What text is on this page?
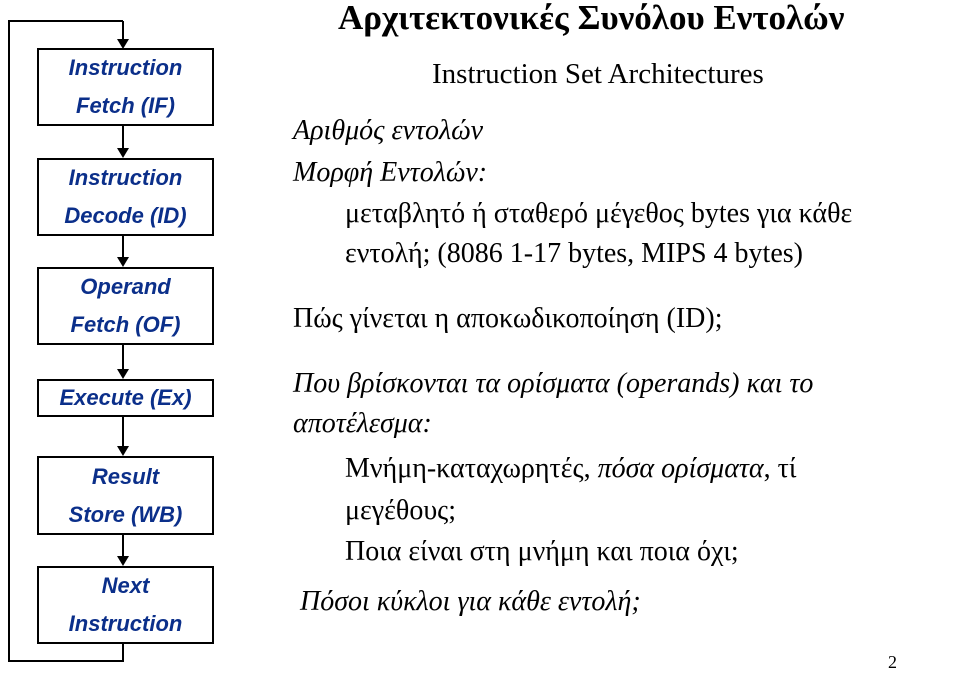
Αρχιτεκτονικές Συνόλου Εντολών
Instruction Set Architectures
Instruction
Fetch (IF)
Instruction
Decode (ID)
Operand
Fetch (OF)
Execute (Ex)
Result
Store (WB)
Next
Instruction
Αριθμός εντολών
Μορφή Εντολών:
μεταβλητό ή σταθερό μέγεθος bytes για κάθε
εντολή; (8086 1-17 bytes, MIPS 4 bytes)
Πώς γίνεται η αποκωδικοποίηση (ID);
Που βρίσκονται τα ορίσματα (operands) και το
αποτέλεσμα:
Μνήμη-καταχωρητές, πόσα ορίσματα, τί
μεγέθους;
Ποια είναι στη μνήμη και ποια όχι;
Πόσοι κύκλοι για κάθε εντολή;
2
